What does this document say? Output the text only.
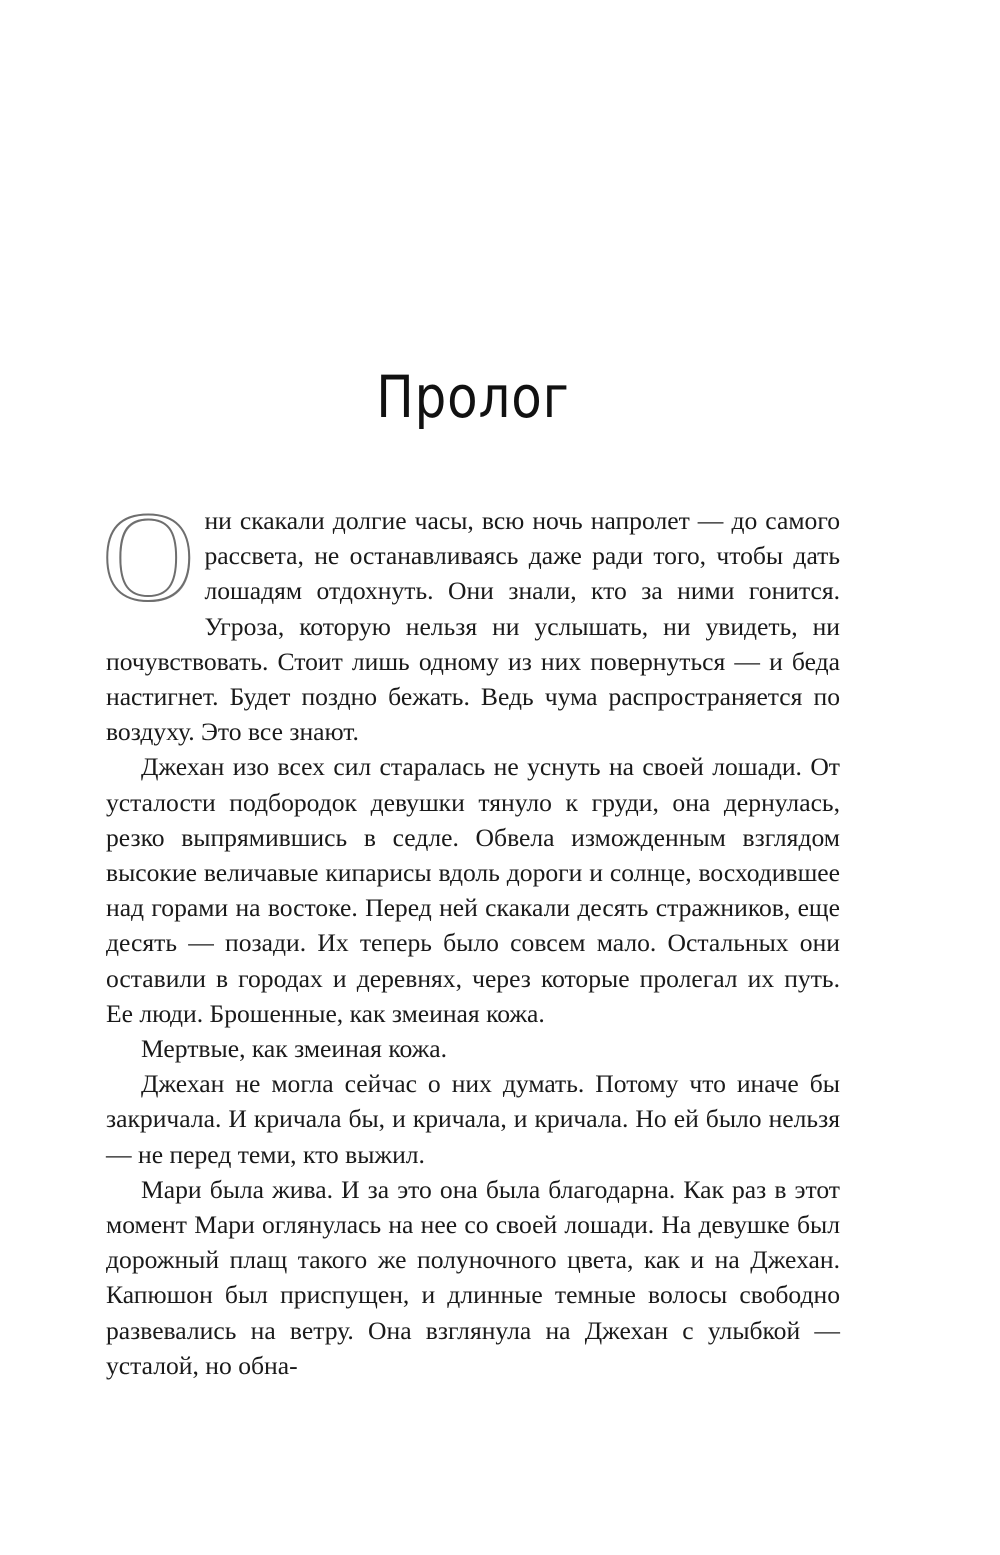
Пролог

Они скакали долгие часы, всю ночь напролет — до самого рассвета, не останавливаясь даже ради того, чтобы дать лошадям отдохнуть. Они знали, кто за ними гонится. Угроза, которую нельзя ни услышать, ни увидеть, ни почувствовать. Стоит лишь одному из них повернуться — и беда настигнет. Будет поздно бежать. Ведь чума распространяется по воздуху. Это все знают.

Джехан изо всех сил старалась не уснуть на своей лошади. От усталости подбородок девушки тянуло к груди, она дернулась, резко выпрямившись в седле. Обвела изможденным взглядом высокие величавые кипарисы вдоль дороги и солнце, восходившее над горами на востоке. Перед ней скакали десять стражников, еще десять — позади. Их теперь было совсем мало. Остальных они оставили в городах и деревнях, через которые пролегал их путь. Ее люди. Брошенные, как змеиная кожа.

Мертвые, как змеиная кожа.

Джехан не могла сейчас о них думать. Потому что иначе бы закричала. И кричала бы, и кричала, и кричала. Но ей было нельзя — не перед теми, кто выжил.

Мари была жива. И за это она была благодарна. Как раз в этот момент Мари оглянулась на нее со своей лошади. На девушке был дорожный плащ такого же полуночного цвета, как и на Джехан. Капюшон был приспущен, и длинные темные волосы свободно развевались на ветру. Она взглянула на Джехан с улыбкой — усталой, но обна-
